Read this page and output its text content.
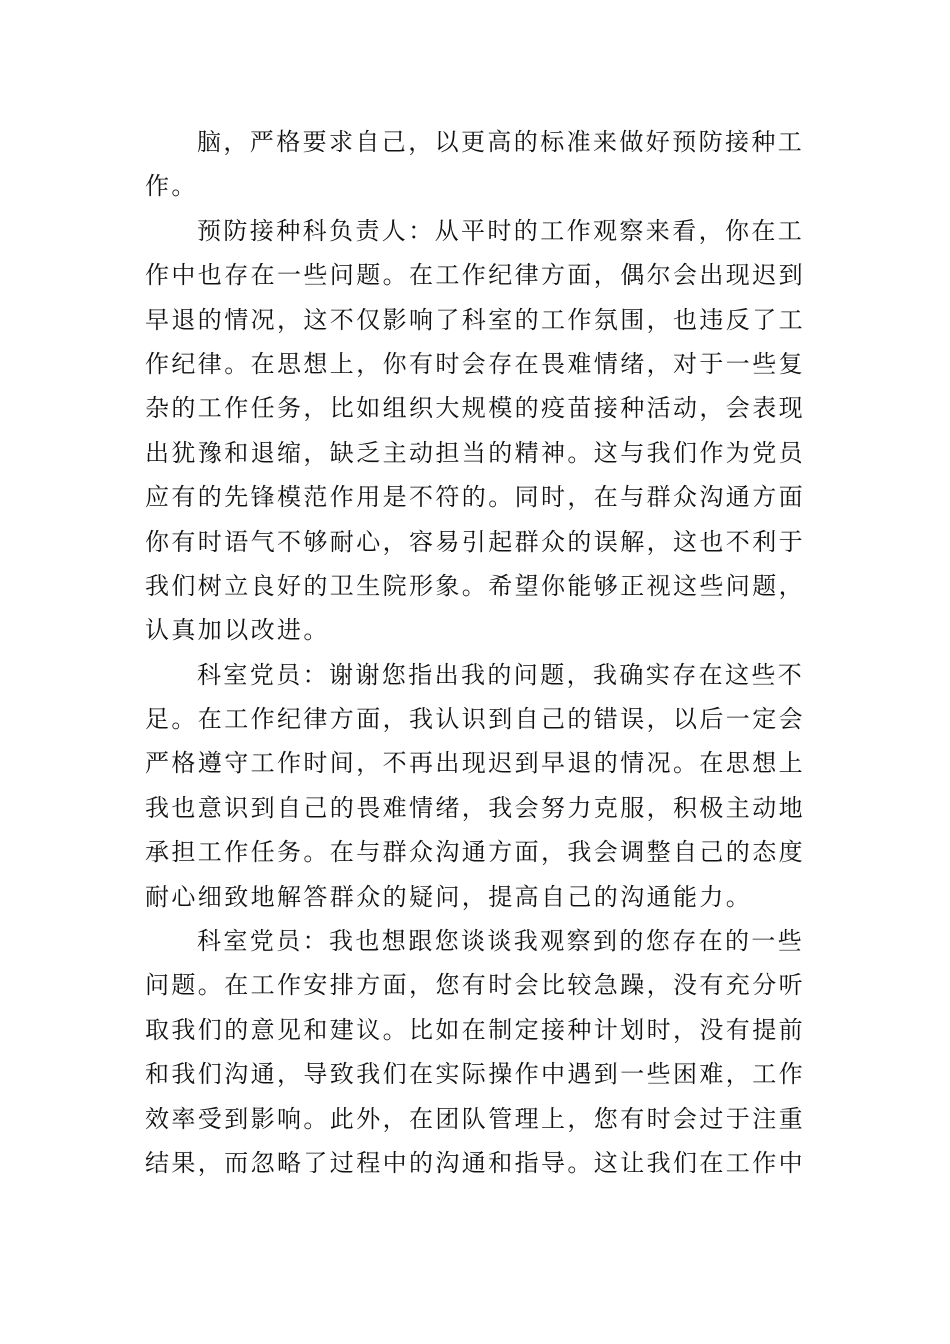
脑，严格要求自己，以更高的标准来做好预防接种工
作。
预防接种科负责人：从平时的工作观察来看，你在工
作中也存在一些问题。在工作纪律方面，偶尔会出现迟到
早退的情况，这不仅影响了科室的工作氛围，也违反了工
作纪律。在思想上，你有时会存在畏难情绪，对于一些复
杂的工作任务，比如组织大规模的疫苗接种活动，会表现
出犹豫和退缩，缺乏主动担当的精神。这与我们作为党员
应有的先锋模范作用是不符的。同时，在与群众沟通方面
你有时语气不够耐心，容易引起群众的误解，这也不利于
我们树立良好的卫生院形象。希望你能够正视这些问题，
认真加以改进。
科室党员：谢谢您指出我的问题，我确实存在这些不
足。在工作纪律方面，我认识到自己的错误，以后一定会
严格遵守工作时间，不再出现迟到早退的情况。在思想上
我也意识到自己的畏难情绪，我会努力克服，积极主动地
承担工作任务。在与群众沟通方面，我会调整自己的态度
耐心细致地解答群众的疑问，提高自己的沟通能力。
科室党员：我也想跟您谈谈我观察到的您存在的一些
问题。在工作安排方面，您有时会比较急躁，没有充分听
取我们的意见和建议。比如在制定接种计划时，没有提前
和我们沟通，导致我们在实际操作中遇到一些困难，工作
效率受到影响。此外，在团队管理上，您有时会过于注重
结果，而忽略了过程中的沟通和指导。这让我们在工作中
